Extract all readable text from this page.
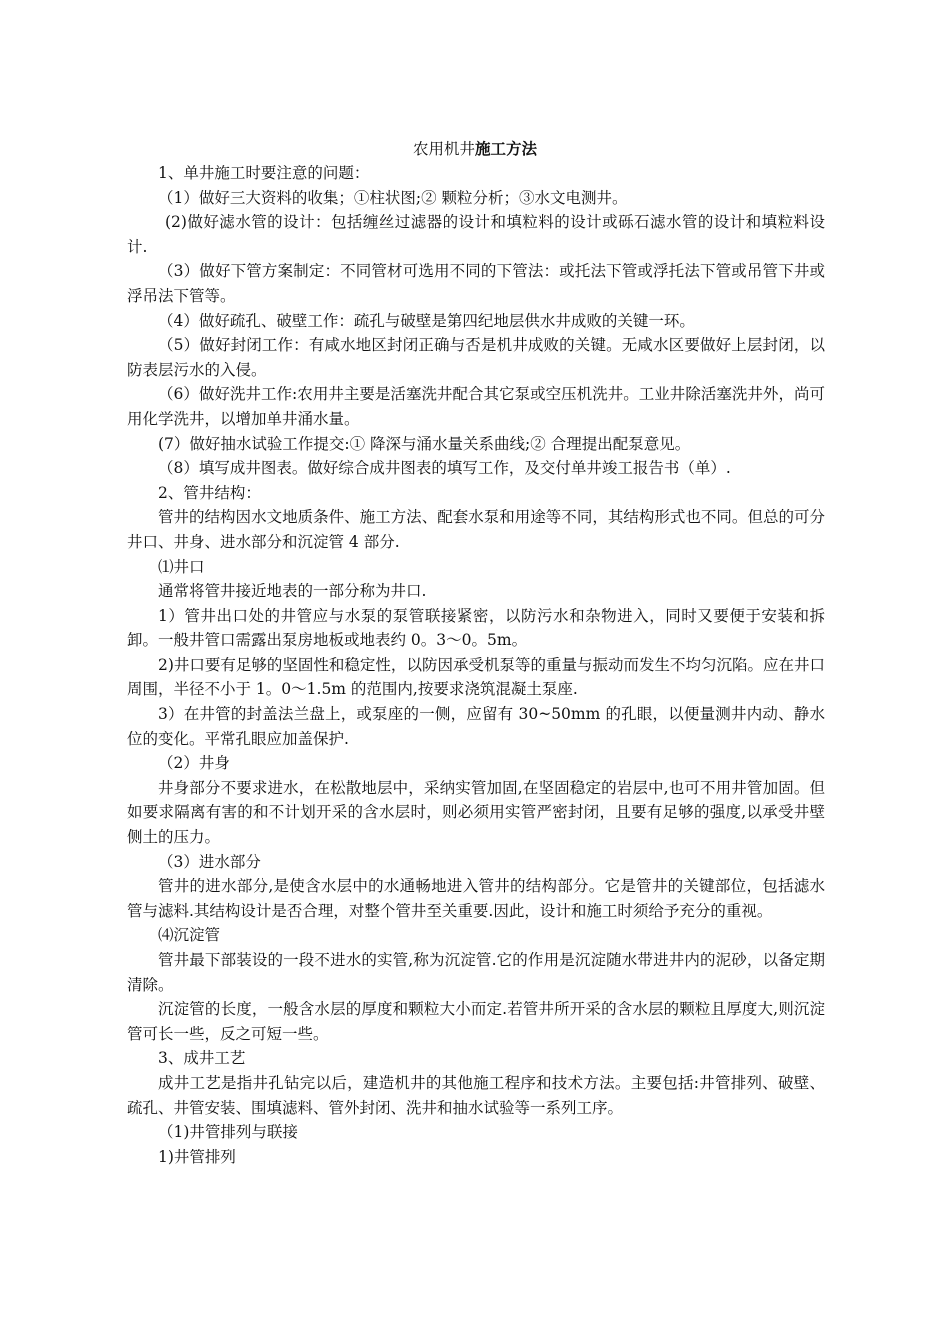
农用机井施工方法

1、单井施工时要注意的问题：

（1）做好三大资料的收集；①柱状图;② 颗粒分析；③水文电测井。

(2)做好滤水管的设计：包括缠丝过滤器的设计和填粒料的设计或砾石滤水管的设计和填粒料设计.

（3）做好下管方案制定：不同管材可选用不同的下管法：或托法下管或浮托法下管或吊管下井或浮吊法下管等。

（4）做好疏孔、破壁工作：疏孔与破壁是第四纪地层供水井成败的关键一环。

（5）做好封闭工作：有咸水地区封闭正确与否是机井成败的关键。无咸水区要做好上层封闭，以防表层污水的入侵。

（6）做好洗井工作:农用井主要是活塞洗井配合其它泵或空压机洗井。工业井除活塞洗井外，尚可用化学洗井，以增加单井涌水量。

(7）做好抽水试验工作提交:① 降深与涌水量关系曲线;② 合理提出配泵意见。

（8）填写成井图表。做好综合成井图表的填写工作，及交付单井竣工报告书（单）.

2、管井结构：

管井的结构因水文地质条件、施工方法、配套水泵和用途等不同，其结构形式也不同。但总的可分井口、井身、进水部分和沉淀管 4 部分.

⑴井口

通常将管井接近地表的一部分称为井口.

1）管井出口处的井管应与水泵的泵管联接紧密，以防污水和杂物进入，同时又要便于安装和拆卸。一般井管口需露出泵房地板或地表约 0。3～0。5m。

2)井口要有足够的坚固性和稳定性，以防因承受机泵等的重量与振动而发生不均匀沉陷。应在井口周围，半径不小于 1。0～1.5m 的范围内,按要求浇筑混凝土泵座.

3）在井管的封盖法兰盘上，或泵座的一侧，应留有 30~50mm 的孔眼，以便量测井内动、静水位的变化。平常孔眼应加盖保护.

（2）井身

井身部分不要求进水，在松散地层中，采纳实管加固,在坚固稳定的岩层中,也可不用井管加固。但如要求隔离有害的和不计划开采的含水层时，则必须用实管严密封闭，且要有足够的强度,以承受井壁侧土的压力。

（3）进水部分

管井的进水部分,是使含水层中的水通畅地进入管井的结构部分。它是管井的关键部位，包括滤水管与滤料.其结构设计是否合理，对整个管井至关重要.因此，设计和施工时须给予充分的重视。

⑷沉淀管

管井最下部装设的一段不进水的实管,称为沉淀管.它的作用是沉淀随水带进井内的泥砂，以备定期清除。

沉淀管的长度，一般含水层的厚度和颗粒大小而定.若管井所开采的含水层的颗粒且厚度大,则沉淀管可长一些，反之可短一些。

3、成井工艺

成井工艺是指井孔钻完以后，建造机井的其他施工程序和技术方法。主要包括:井管排列、破壁、疏孔、井管安装、围填滤料、管外封闭、洗井和抽水试验等一系列工序。

（1)井管排列与联接

1)井管排列
